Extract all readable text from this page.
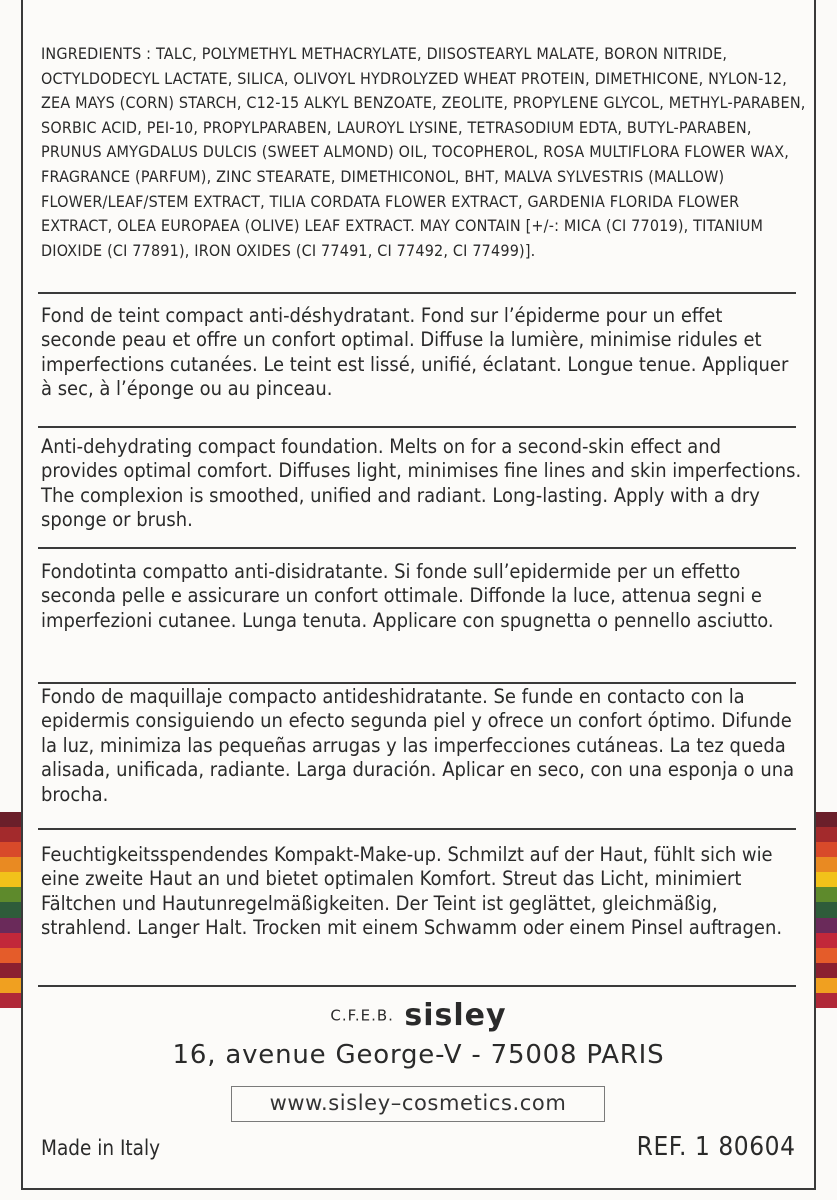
INGREDIENTS : TALC, POLYMETHYL METHACRYLATE, DIISOSTEARYL MALATE, BORON NITRIDE, OCTYLDODECYL LACTATE, SILICA, OLIVOYL HYDROLYZED WHEAT PROTEIN, DIMETHICONE, NYLON-12, ZEA MAYS (CORN) STARCH, C12-15 ALKYL BENZOATE, ZEOLITE, PROPYLENE GLYCOL, METHYL-PARABEN, SORBIC ACID, PEI-10, PROPYLPARABEN, LAUROYL LYSINE, TETRASODIUM EDTA, BUTYL-PARABEN, PRUNUS AMYGDALUS DULCIS (SWEET ALMOND) OIL, TOCOPHEROL, ROSA MULTIFLORA FLOWER WAX, FRAGRANCE (PARFUM), ZINC STEARATE, DIMETHICONOL, BHT, MALVA SYLVESTRIS (MALLOW) FLOWER/LEAF/STEM EXTRACT, TILIA CORDATA FLOWER EXTRACT, GARDENIA FLORIDA FLOWER EXTRACT, OLEA EUROPAEA (OLIVE) LEAF EXTRACT. MAY CONTAIN [+/-: MICA (CI 77019), TITANIUM DIOXIDE (CI 77891), IRON OXIDES (CI 77491, CI 77492, CI 77499)].
Fond de teint compact anti-déshydratant. Fond sur l’épiderme pour un effet seconde peau et offre un confort optimal. Diffuse la lumière, minimise ridules et imperfections cutanées. Le teint est lissé, unifié, éclatant. Longue tenue. Appliquer à sec, à l’éponge ou au pinceau.
Anti-dehydrating compact foundation. Melts on for a second-skin effect and provides optimal comfort. Diffuses light, minimises fine lines and skin imperfections. The complexion is smoothed, unified and radiant. Long-lasting. Apply with a dry sponge or brush.
Fondotinta compatto anti-disidratante. Si fonde sull’epidermide per un effetto seconda pelle e assicurare un confort ottimale. Diffonde la luce, attenua segni e imperfezioni cutanee. Lunga tenuta. Applicare con spugnetta o pennello asciutto.
Fondo de maquillaje compacto antideshidratante. Se funde en contacto con la epidermis consiguiendo un efecto segunda piel y ofrece un confort óptimo. Difunde la luz, minimiza las pequeñas arrugas y las imperfecciones cutáneas. La tez queda alisada, unificada, radiante. Larga duración. Aplicar en seco, con una esponja o una brocha.
Feuchtigkeitsspendendes Kompakt-Make-up. Schmilzt auf der Haut, fühlt sich wie eine zweite Haut an und bietet optimalen Komfort. Streut das Licht, minimiert Fältchen und Hautunregelmäßigkeiten. Der Teint ist geglättet, gleichmäßig, strahlend. Langer Halt. Trocken mit einem Schwamm oder einem Pinsel auftragen.
C.F.E.B. sisley
16, avenue George-V - 75008 PARIS
www.sisley–cosmetics.com
Made in Italy	REF. 1 80604
